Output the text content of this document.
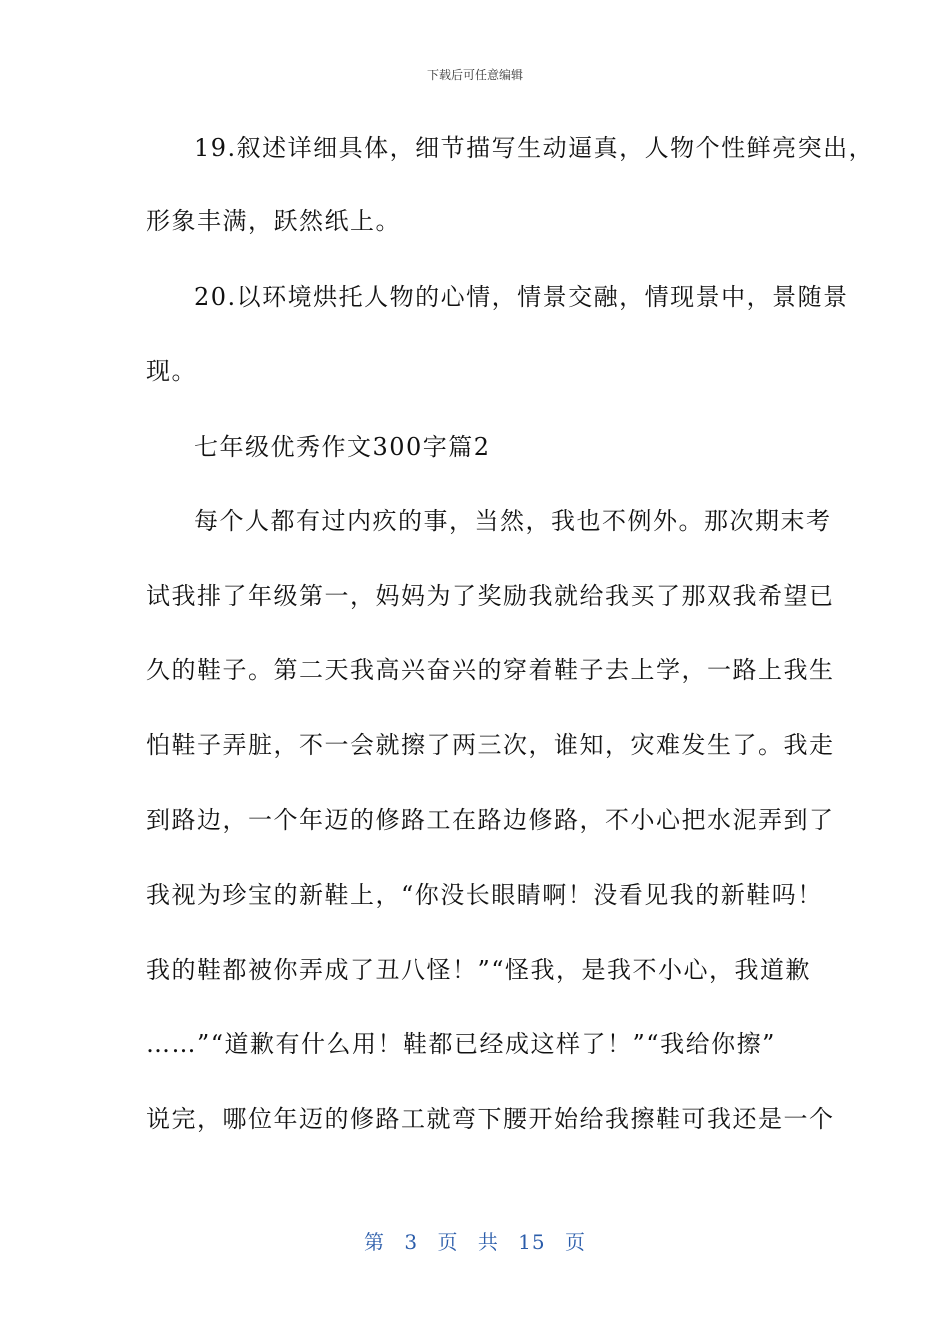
下载后可任意编辑
19.叙述详细具体，细节描写生动逼真，人物个性鲜亮突出，
形象丰满，跃然纸上。
20.以环境烘托人物的心情，情景交融，情现景中，景随景
现。
七年级优秀作文300字篇2
每个人都有过内疚的事，当然，我也不例外。那次期末考
试我排了年级第一，妈妈为了奖励我就给我买了那双我希望已
久的鞋子。第二天我高兴奋兴的穿着鞋子去上学，一路上我生
怕鞋子弄脏，不一会就擦了两三次，谁知，灾难发生了。我走
到路边，一个年迈的修路工在路边修路，不小心把水泥弄到了
我视为珍宝的新鞋上，“你没长眼睛啊！没看见我的新鞋吗！
我的鞋都被你弄成了丑八怪！”“怪我，是我不小心，我道歉
……”“道歉有什么用！鞋都已经成这样了！”“我给你擦”
说完，哪位年迈的修路工就弯下腰开始给我擦鞋可我还是一个
第 3 页 共 15 页
